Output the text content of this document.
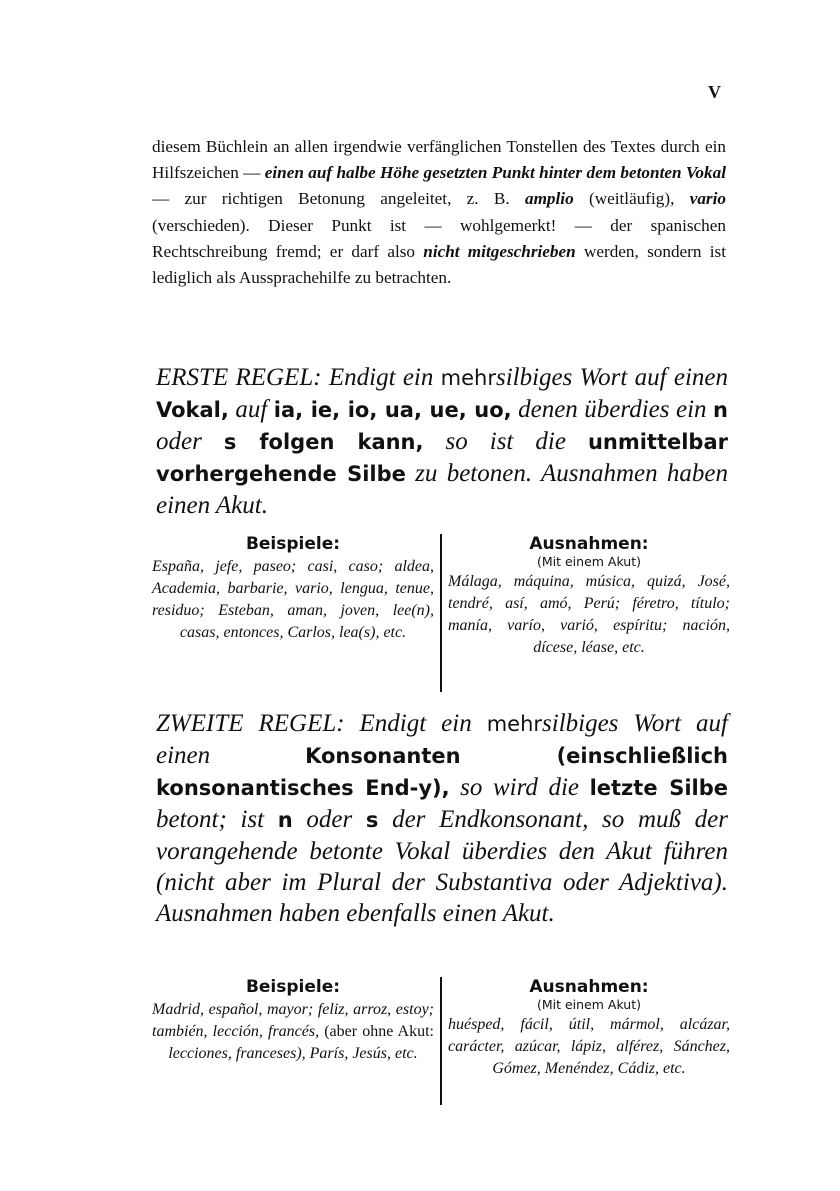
V

diesem Büchlein an allen irgendwie verfänglichen Tonstellen des Textes durch ein Hilfszeichen — einen auf halbe Höhe gesetzten Punkt hinter dem betonten Vokal — zur richtigen Betonung angeleitet, z. B. amplio (weitläufig), vario (verschieden). Dieser Punkt ist — wohlgemerkt! — der spanischen Rechtschreibung fremd; er darf also nicht mitgeschrieben werden, sondern ist lediglich als Aussprachehilfe zu betrachten.

ERSTE REGEL: Endigt ein mehrsilbiges Wort auf einen Vokal, auf ia, ie, io, ua, ue, uo, denen überdies ein n oder s folgen kann, so ist die unmittelbar vorhergehende Silbe zu betonen. Ausnahmen haben einen Akut.

Beispiele:
España, jefe, paseo; casi, caso; aldea, Academia, barbarie, vario, lengua, tenue, residuo; Esteban, aman, joven, lee(n), casas, entonces, Carlos, lea(s), etc.
Ausnahmen:
(Mit einem Akut)
Málaga, máquina, música, quizá, José, tendré, así, amó, Perú; féretro, título; manía, varío, varió, espíritu; nación, dícese, léase, etc.

ZWEITE REGEL: Endigt ein mehrsilbiges Wort auf einen Konsonanten (einschließlich konsonantisches End-y), so wird die letzte Silbe betont; ist n oder s der Endkonsonant, so muß der vorangehende betonte Vokal überdies den Akut führen (nicht aber im Plural der Substantiva oder Adjektiva). Ausnahmen haben ebenfalls einen Akut.

Beispiele:
Madrid, español, mayor; feliz, arroz, estoy; también, lección, francés, (aber ohne Akut: lecciones, franceses), París, Jesús, etc.
Ausnahmen:
(Mit einem Akut)
huésped, fácil, útil, mármol, alcázar, carácter, azúcar, lápiz, alférez, Sánchez, Gómez, Menéndez, Cádiz, etc.
